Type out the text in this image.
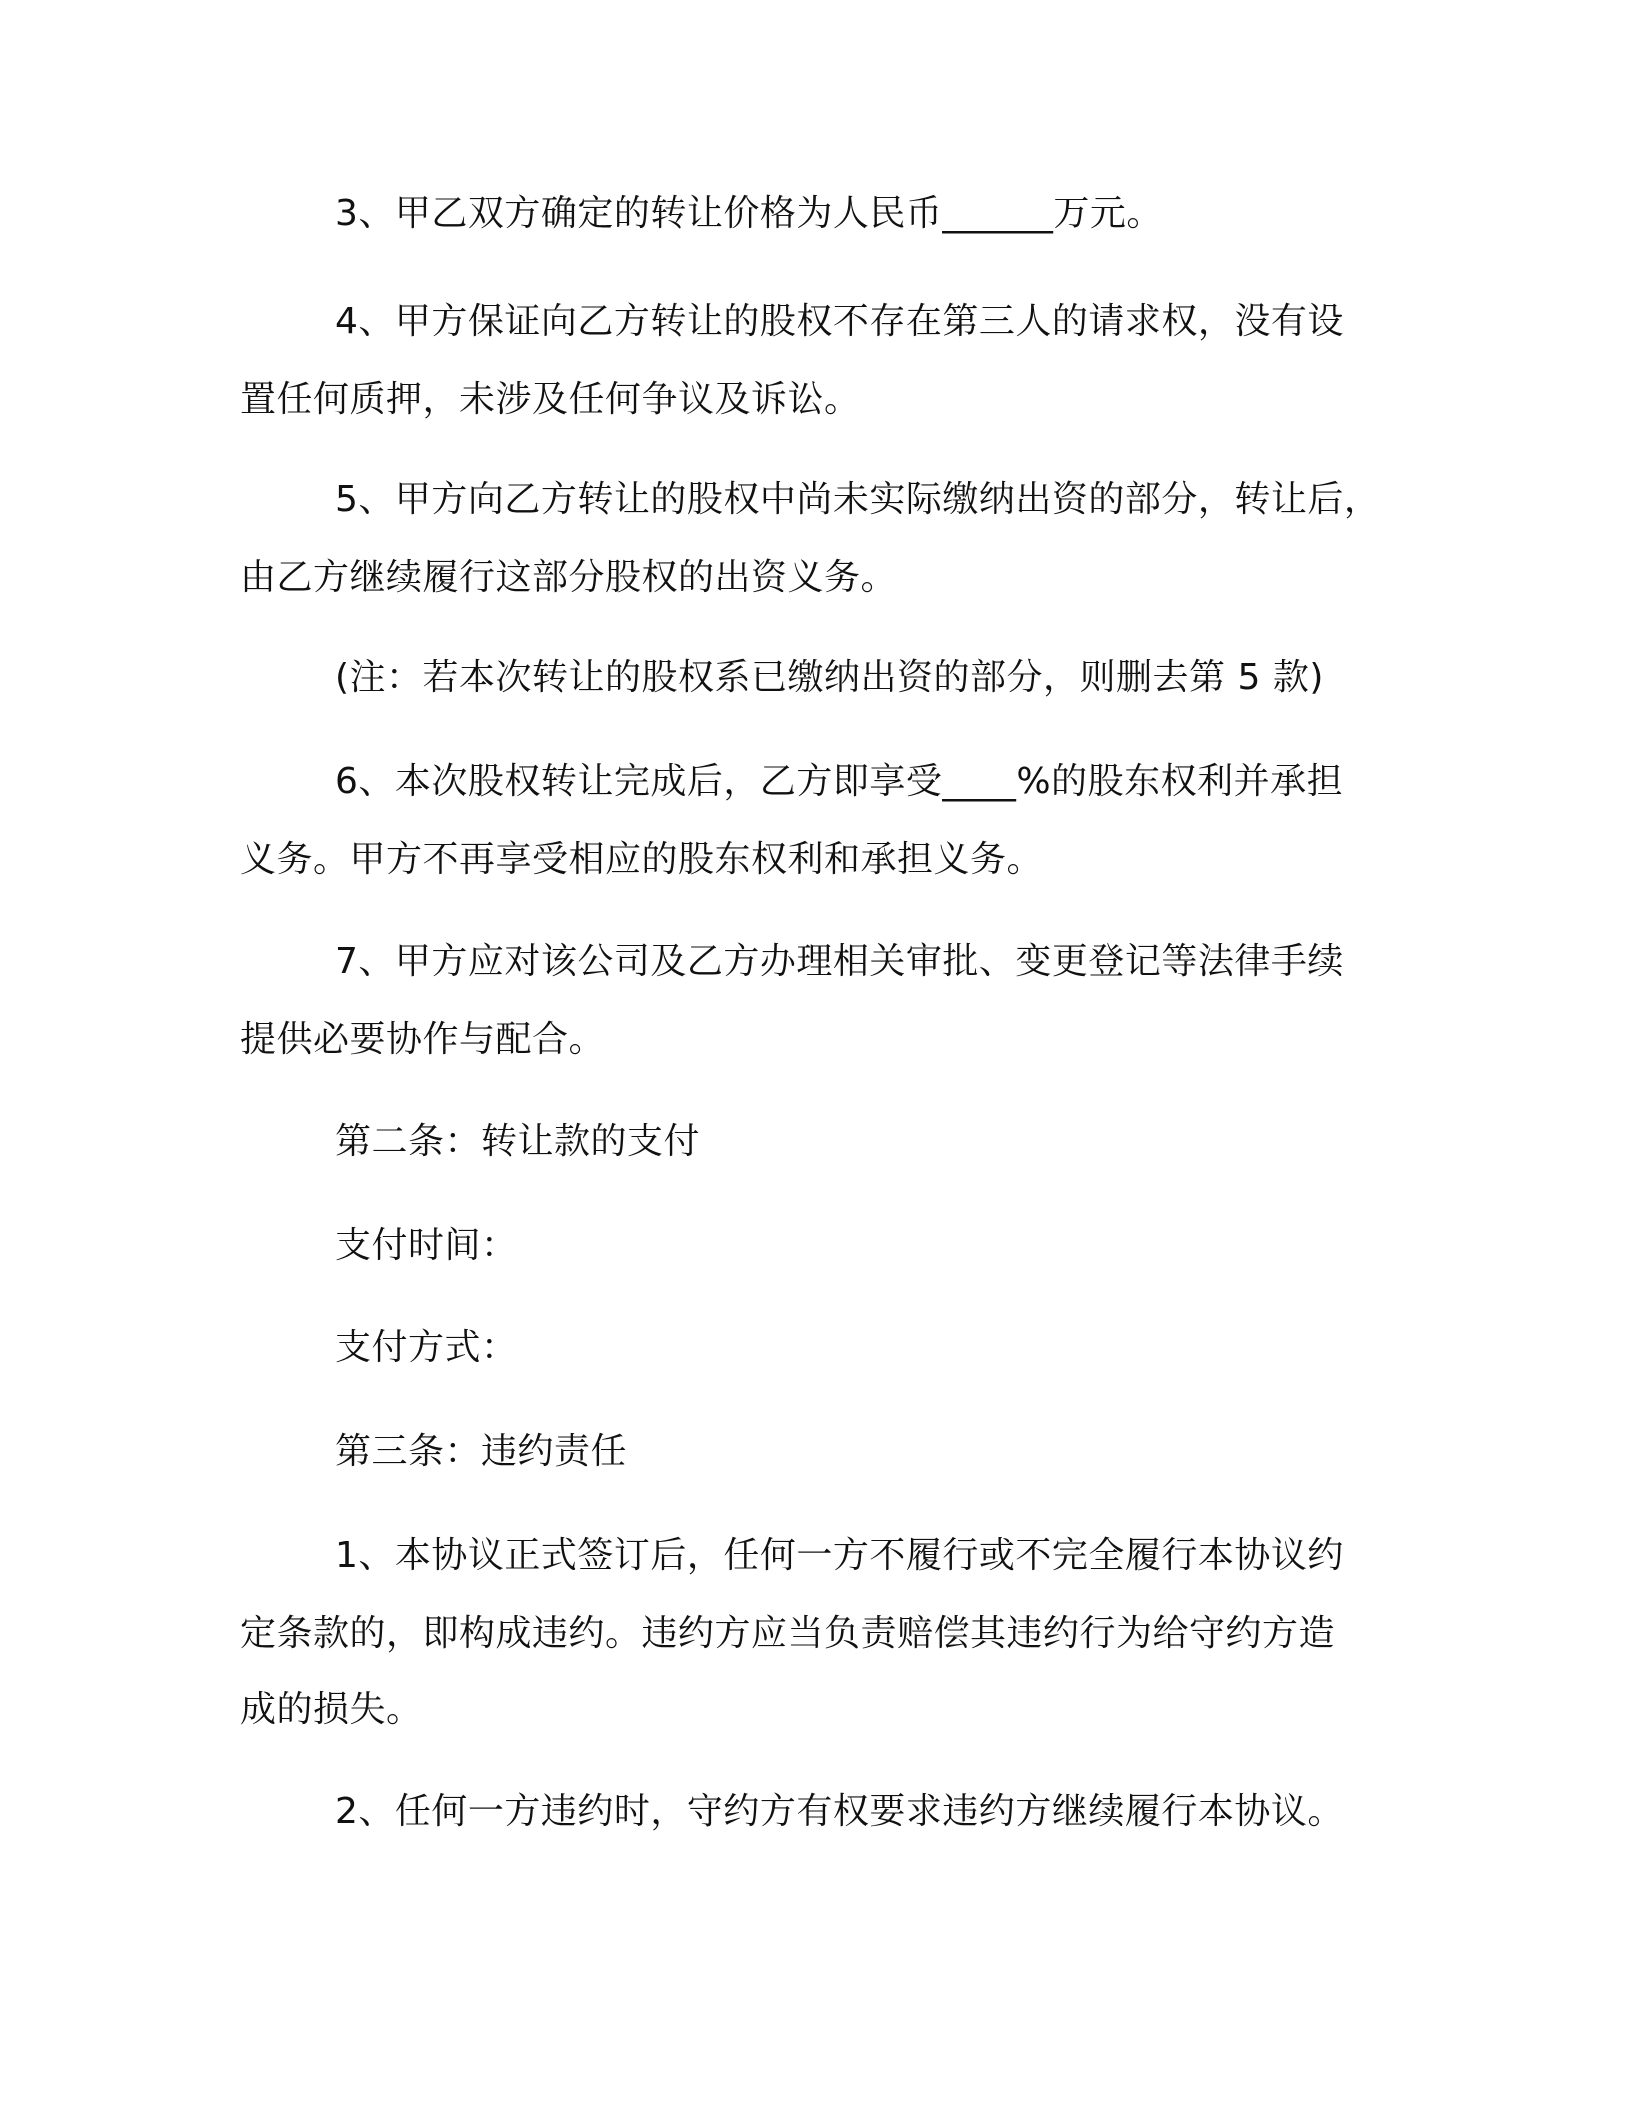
3、甲乙双方确定的转让价格为人民币______万元。
4、甲方保证向乙方转让的股权不存在第三人的请求权，没有设
置任何质押，未涉及任何争议及诉讼。
5、甲方向乙方转让的股权中尚未实际缴纳出资的部分，转让后，
由乙方继续履行这部分股权的出资义务。
(注：若本次转让的股权系已缴纳出资的部分，则删去第 5 款)
6、本次股权转让完成后，乙方即享受____%的股东权利并承担
义务。甲方不再享受相应的股东权利和承担义务。
7、甲方应对该公司及乙方办理相关审批、变更登记等法律手续
提供必要协作与配合。
第二条：转让款的支付
支付时间：
支付方式：
第三条：违约责任
1、本协议正式签订后，任何一方不履行或不完全履行本协议约
定条款的，即构成违约。违约方应当负责赔偿其违约行为给守约方造
成的损失。
2、任何一方违约时，守约方有权要求违约方继续履行本协议。
